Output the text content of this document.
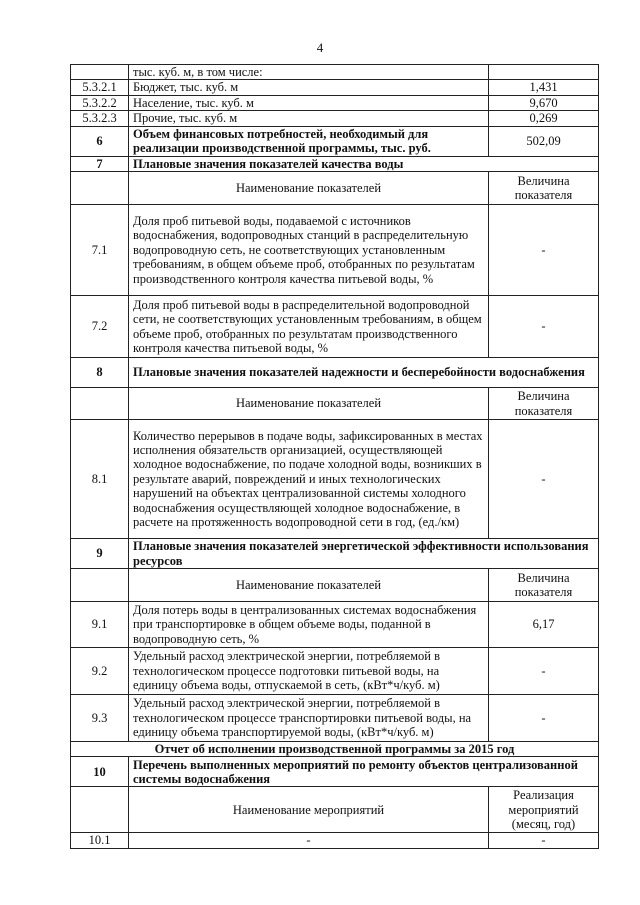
4
	тыс. куб. м, в том числе:	
5.3.2.1	Бюджет, тыс. куб. м	1,431
5.3.2.2	Население, тыс. куб. м	9,670
5.3.2.3	Прочие, тыс. куб. м	0,269
6	Объем финансовых потребностей, необходимый для реализации производственной программы, тыс. руб.	502,09
7	Плановые значения показателей качества воды	
	Наименование показателей	Величина показателя
7.1	Доля проб питьевой воды, подаваемой с источников водоснабжения, водопроводных станций в распределительную водопроводную сеть, не соответствующих установленным требованиям, в общем объеме проб, отобранных по результатам производственного контроля качества питьевой воды, %	-
7.2	Доля проб питьевой воды в распределительной водопроводной сети, не соответствующих установленным требованиям, в общем объеме проб, отобранных по результатам производственного контроля качества питьевой воды, %	-
8	Плановые значения показателей надежности и бесперебойности водоснабжения	
	Наименование показателей	Величина показателя
8.1	Количество перерывов в подаче воды, зафиксированных в местах исполнения обязательств организацией, осуществляющей холодное водоснабжение, по подаче холодной воды, возникших в результате аварий, повреждений и иных технологических нарушений на объектах централизованной системы холодного водоснабжения осуществляющей холодное водоснабжение, в расчете на протяженность водопроводной сети в год, (ед./км)	-
9	Плановые значения показателей энергетической эффективности использования ресурсов	
	Наименование показателей	Величина показателя
9.1	Доля потерь воды в централизованных системах водоснабжения при транспортировке в общем объеме воды, поданной в водопроводную сеть, %	6,17
9.2	Удельный расход электрической энергии, потребляемой в технологическом процессе подготовки питьевой воды, на единицу объема воды, отпускаемой в сеть, (кВт*ч/куб. м)	-
9.3	Удельный расход электрической энергии, потребляемой в технологическом процессе транспортировки питьевой воды, на единицу объема транспортируемой воды, (кВт*ч/куб. м)	-
Отчет об исполнении производственной программы за 2015 год		
10	Перечень выполненных мероприятий по ремонту объектов централизованной системы водоснабжения	
	Наименование мероприятий	Реализация мероприятий (месяц, год)
10.1	-	-
